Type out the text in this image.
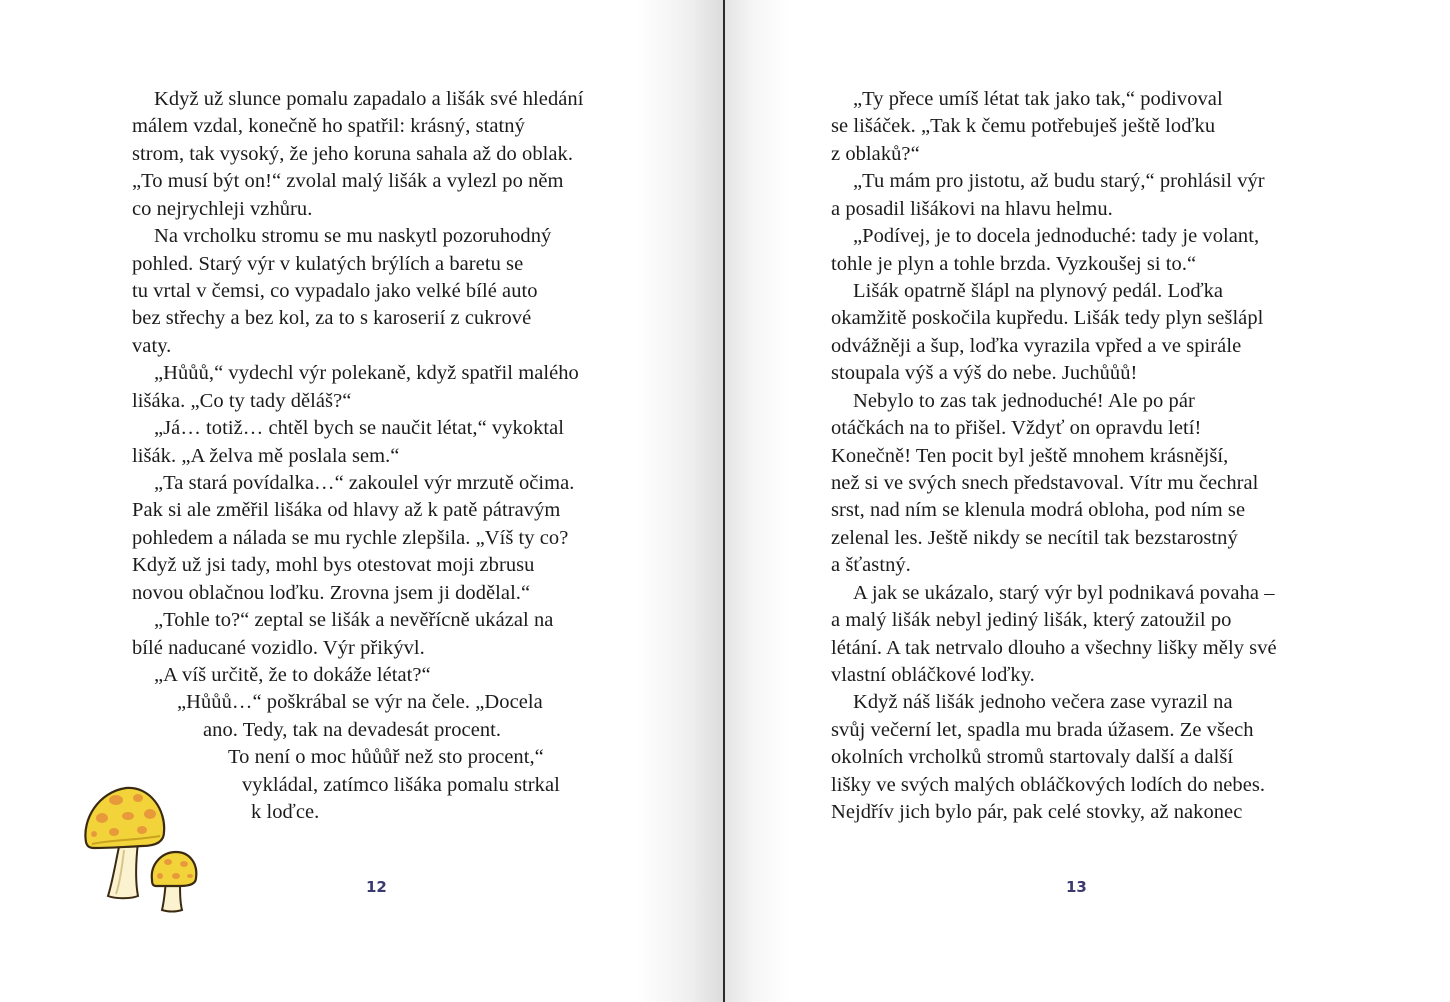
Když už slunce pomalu zapadalo a lišák své hledání
málem vzdal, konečně ho spatřil: krásný, statný
strom, tak vysoký, že jeho koruna sahala až do oblak.
„To musí být on!“ zvolal malý lišák a vylezl po něm
co nejrychleji vzhůru.
Na vrcholku stromu se mu naskytl pozoruhodný
pohled. Starý výr v kulatých brýlích a baretu se
tu vrtal v čemsi, co vypadalo jako velké bílé auto
bez střechy a bez kol, za to s karoserií z cukrové
vaty.
„Hůůů,“ vydechl výr polekaně, když spatřil malého
lišáka. „Co ty tady děláš?“
„Já… totiž… chtěl bych se naučit létat,“ vykoktal
lišák. „A želva mě poslala sem.“
„Ta stará povídalka…“ zakoulel výr mrzutě očima.
Pak si ale změřil lišáka od hlavy až k patě pátravým
pohledem a nálada se mu rychle zlepšila. „Víš ty co?
Když už jsi tady, mohl bys otestovat moji zbrusu
novou oblačnou loďku. Zrovna jsem ji dodělal.“
„Tohle to?“ zeptal se lišák a nevěřícně ukázal na
bílé naducané vozidlo. Výr přikývl.
„A víš určitě, že to dokáže létat?“
„Hůůů…“ poškrábal se výr na čele. „Docela
ano. Tedy, tak na devadesát procent.
To není o moc hůůůř než sto procent,“
vykládal, zatímco lišáka pomalu strkal
k loďce.
12
„Ty přece umíš létat tak jako tak,“ podivoval
se lišáček. „Tak k čemu potřebuješ ještě loďku
z oblaků?“
„Tu mám pro jistotu, až budu starý,“ prohlásil výr
a posadil lišákovi na hlavu helmu.
„Podívej, je to docela jednoduché: tady je volant,
tohle je plyn a tohle brzda. Vyzkoušej si to.“
Lišák opatrně šlápl na plynový pedál. Loďka
okamžitě poskočila kupředu. Lišák tedy plyn sešlápl
odvážněji a šup, loďka vyrazila vpřed a ve spirále
stoupala výš a výš do nebe. Juchůůů!
Nebylo to zas tak jednoduché! Ale po pár
otáčkách na to přišel. Vždyť on opravdu letí!
Konečně! Ten pocit byl ještě mnohem krásnější,
než si ve svých snech představoval. Vítr mu čechral
srst, nad ním se klenula modrá obloha, pod ním se
zelenal les. Ještě nikdy se necítil tak bezstarostný
a šťastný.
A jak se ukázalo, starý výr byl podnikavá povaha –
a malý lišák nebyl jediný lišák, který zatoužil po
létání. A tak netrvalo dlouho a všechny lišky měly své
vlastní obláčkové loďky.
Když náš lišák jednoho večera zase vyrazil na
svůj večerní let, spadla mu brada úžasem. Ze všech
okolních vrcholků stromů startovaly další a další
lišky ve svých malých obláčkových lodích do nebes.
Nejdřív jich bylo pár, pak celé stovky, až nakonec
13
